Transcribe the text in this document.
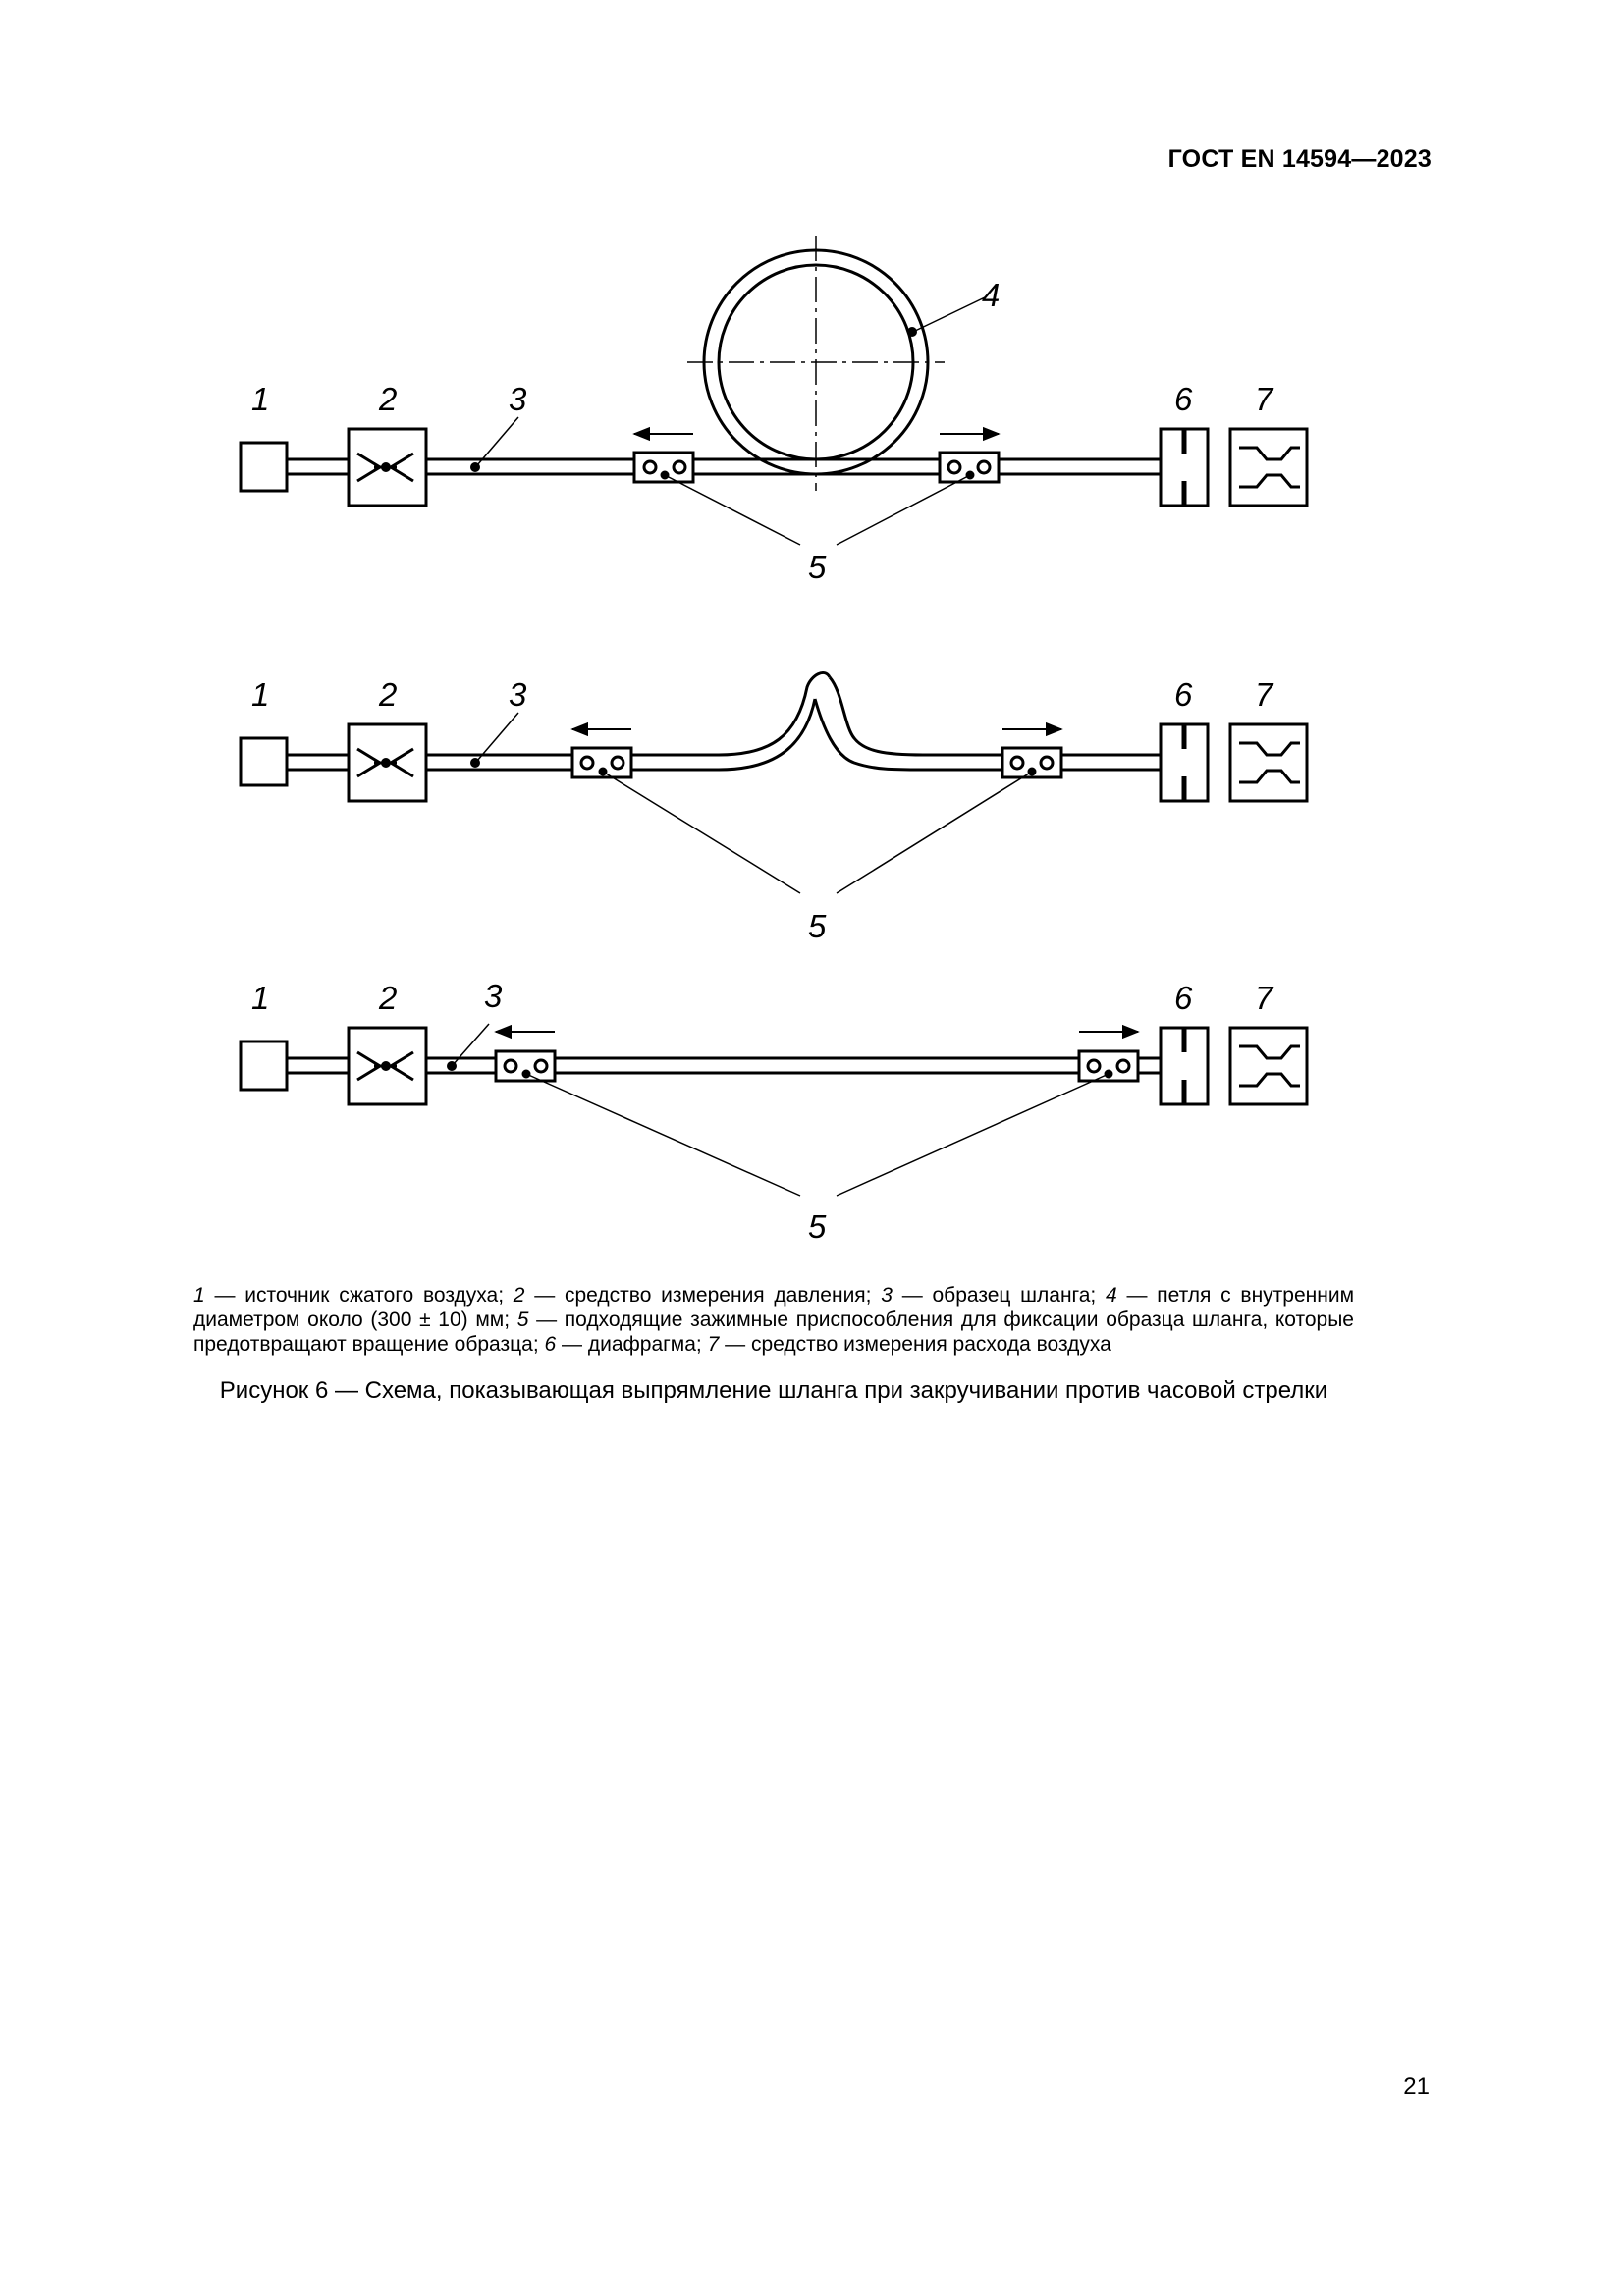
ГОСТ EN 14594—2023
1	2	3
4
5
6 7
1	2	3
5
6 7
1	2	3
5
6 7
1 — источник сжатого воздуха; 2 — средство измерения давления; 3 — образец шланга; 4 — петля с внутренним диаметром около (300 ± 10) мм; 5 — подходящие зажимные приспособления для фиксации образца шланга, которые предотвращают вращение образца; 6 — диафрагма; 7 — средство измерения расхода воздуха
Рисунок 6 — Схема, показывающая выпрямление шланга при закручивании против часовой стрелки
21
